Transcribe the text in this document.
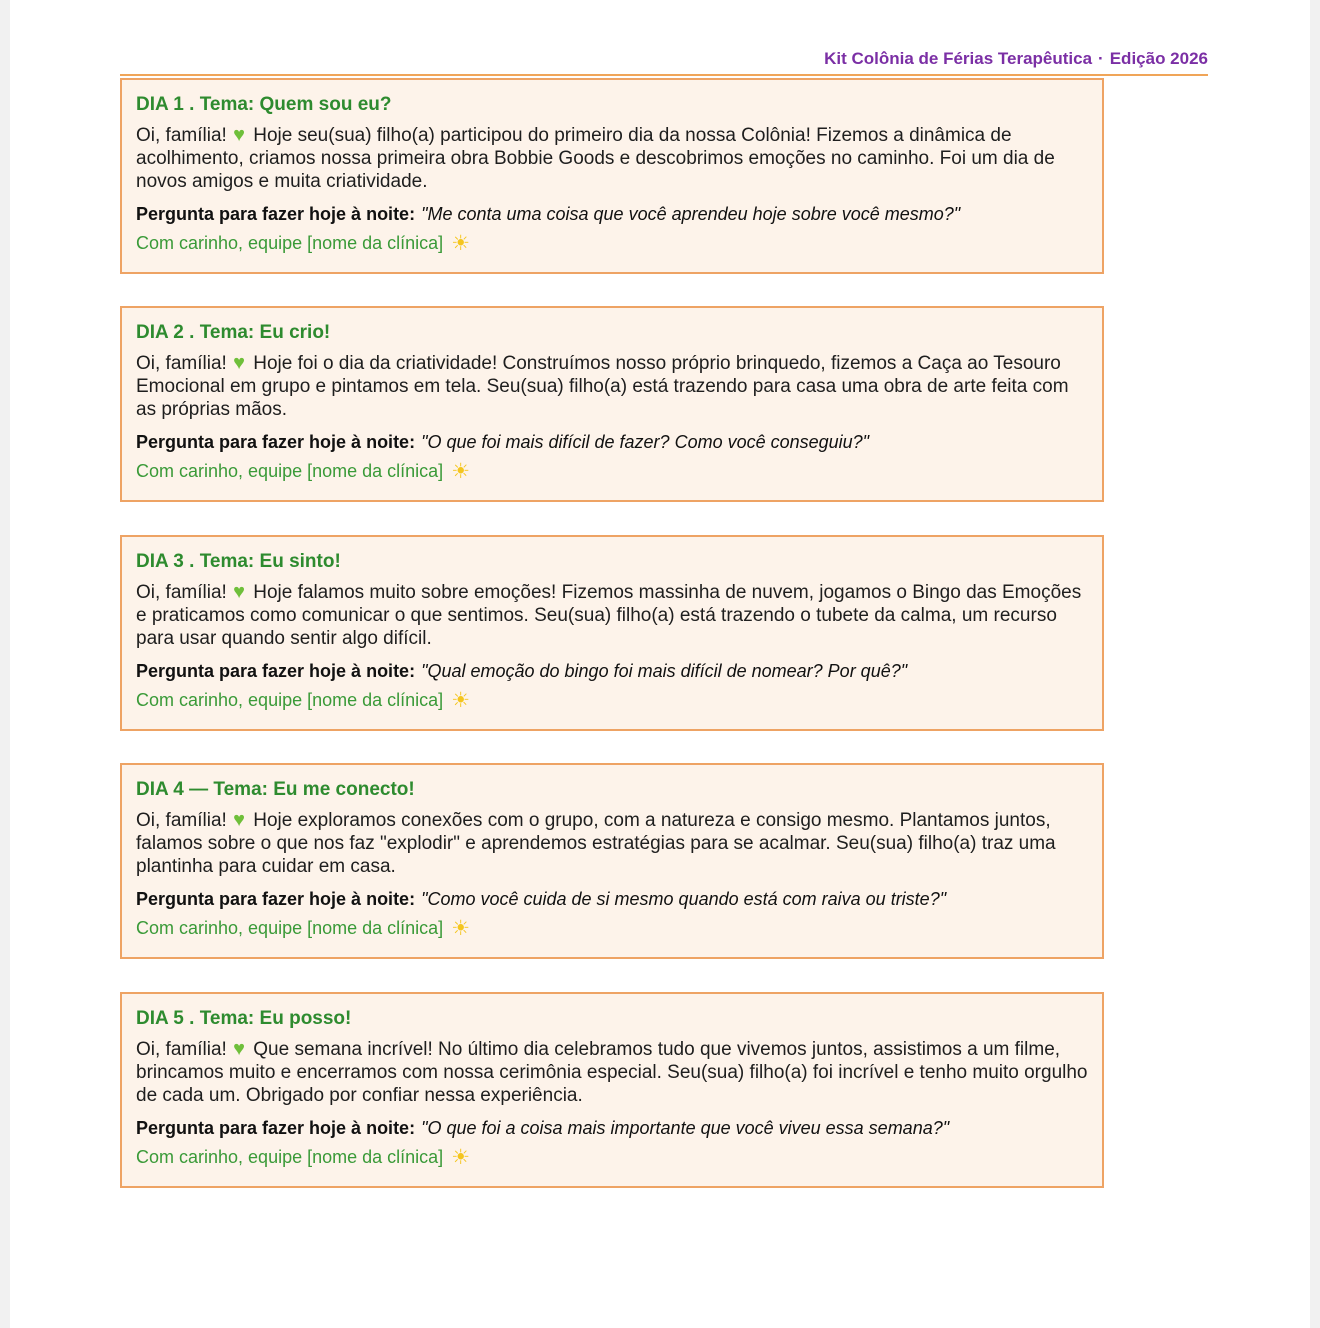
Kit Colônia de Férias Terapêutica · Edição 2026
DIA 1 . Tema: Quem sou eu?
Oi, família! ♥ Hoje seu(sua) filho(a) participou do primeiro dia da nossa Colônia! Fizemos a dinâmica de acolhimento, criamos nossa primeira obra Bobbie Goods e descobrimos emoções no caminho. Foi um dia de novos amigos e muita criatividade.
Pergunta para fazer hoje à noite: "Me conta uma coisa que você aprendeu hoje sobre você mesmo?"
Com carinho, equipe [nome da clínica] ☀
DIA 2 . Tema: Eu crio!
Oi, família! ♥ Hoje foi o dia da criatividade! Construímos nosso próprio brinquedo, fizemos a Caça ao Tesouro Emocional em grupo e pintamos em tela. Seu(sua) filho(a) está trazendo para casa uma obra de arte feita com as próprias mãos.
Pergunta para fazer hoje à noite: "O que foi mais difícil de fazer? Como você conseguiu?"
Com carinho, equipe [nome da clínica] ☀
DIA 3 . Tema: Eu sinto!
Oi, família! ♥ Hoje falamos muito sobre emoções! Fizemos massinha de nuvem, jogamos o Bingo das Emoções e praticamos como comunicar o que sentimos. Seu(sua) filho(a) está trazendo o tubete da calma, um recurso para usar quando sentir algo difícil.
Pergunta para fazer hoje à noite: "Qual emoção do bingo foi mais difícil de nomear? Por quê?"
Com carinho, equipe [nome da clínica] ☀
DIA 4 — Tema: Eu me conecto!
Oi, família! ♥ Hoje exploramos conexões com o grupo, com a natureza e consigo mesmo. Plantamos juntos, falamos sobre o que nos faz "explodir" e aprendemos estratégias para se acalmar. Seu(sua) filho(a) traz uma plantinha para cuidar em casa.
Pergunta para fazer hoje à noite: "Como você cuida de si mesmo quando está com raiva ou triste?"
Com carinho, equipe [nome da clínica] ☀
DIA 5 . Tema: Eu posso!
Oi, família! ♥ Que semana incrível! No último dia celebramos tudo que vivemos juntos, assistimos a um filme, brincamos muito e encerramos com nossa cerimônia especial. Seu(sua) filho(a) foi incrível e tenho muito orgulho de cada um. Obrigado por confiar nessa experiência.
Pergunta para fazer hoje à noite: "O que foi a coisa mais importante que você viveu essa semana?"
Com carinho, equipe [nome da clínica] ☀
